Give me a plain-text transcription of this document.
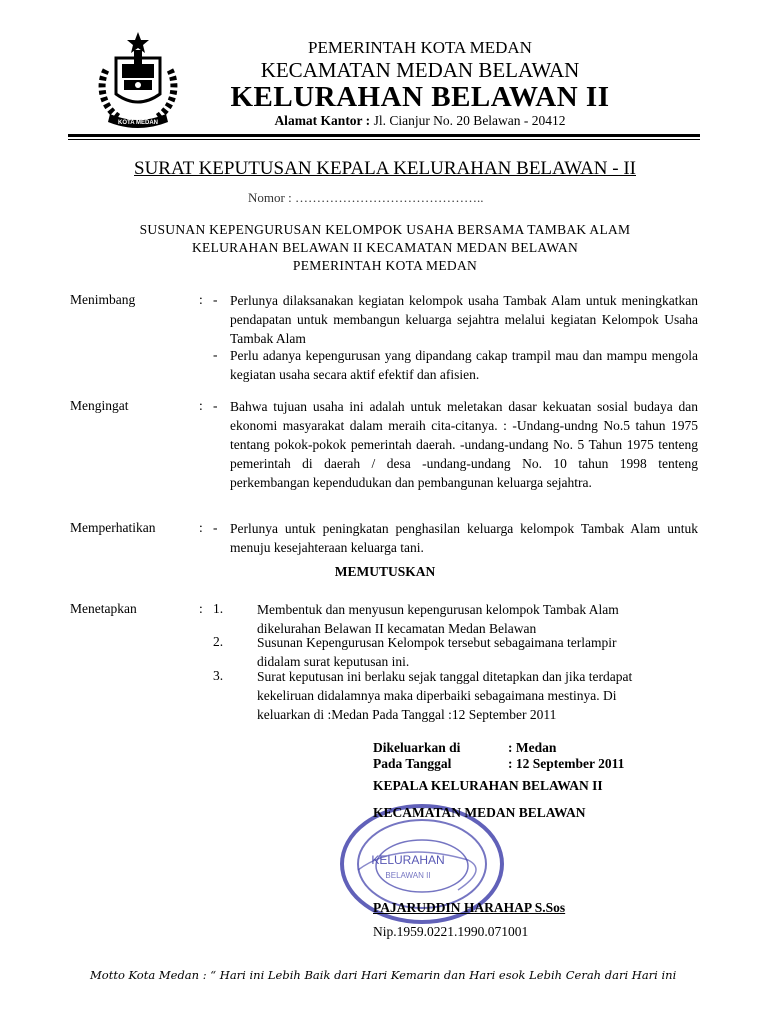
KOTA MEDAN
PEMERINTAH KOTA MEDAN
KECAMATAN MEDAN BELAWAN
KELURAHAN BELAWAN II
Alamat Kantor : Jl. Cianjur No. 20 Belawan - 20412
SURAT KEPUTUSAN KEPALA KELURAHAN BELAWAN - II
Nomor : ……………………………………..
SUSUNAN KEPENGURUSAN KELOMPOK USAHA BERSAMA TAMBAK ALAM
KELURAHAN BELAWAN II KECAMATAN MEDAN BELAWAN
PEMERINTAH KOTA MEDAN
Menimbang	: - Perlunya dilaksanakan kegiatan kelompok usaha Tambak Alam untuk meningkatkan pendapatan untuk membangun keluarga sejahtra melalui kegiatan Kelompok Usaha Tambak Alam
- Perlu adanya kepengurusan yang dipandang cakap trampil mau dan mampu mengola kegiatan usaha secara aktif efektif dan afisien.
Mengingat	: - Bahwa tujuan usaha ini adalah untuk meletakan dasar kekuatan sosial budaya dan ekonomi masyarakat dalam meraih cita-citanya. : -Undang-undng No.5 tahun 1975 tentang pokok-pokok pemerintah daerah. -undang-undang No. 5 Tahun 1975 tenteng pemerintah di daerah / desa -undang-undang No. 10 tahun 1998 tenteng perkembangan kependudukan dan pembangunan keluarga sejahtra.
Memperhatikan	: - Perlunya untuk peningkatan penghasilan keluarga kelompok Tambak Alam untuk menuju kesejahteraan keluarga tani.
MEMUTUSKAN
Menetapkan	: 1.	Membentuk dan menyusun kepengurusan kelompok Tambak Alam dikelurahan Belawan II kecamatan Medan Belawan
2.	Susunan Kepengurusan Kelompok tersebut sebagaimana terlampir didalam surat keputusan ini.
3.	Surat keputusan ini berlaku sejak tanggal ditetapkan dan jika terdapat kekeliruan didalamnya maka diperbaiki sebagaimana mestinya. Di keluarkan di :Medan Pada Tanggal :12 September 2011
Dikeluarkan di	: Medan
Pada Tanggal	: 12 September 2011
KEPALA KELURAHAN BELAWAN II
KELURAHAN
BELAWAN II
KECAMATAN MEDAN BELAWAN
PAJARUDDIN HARAHAP S.Sos
Nip.1959.0221.1990.071001
Motto Kota Medan : “ Hari ini Lebih Baik dari Hari Kemarin dan Hari esok Lebih Cerah dari Hari ini
